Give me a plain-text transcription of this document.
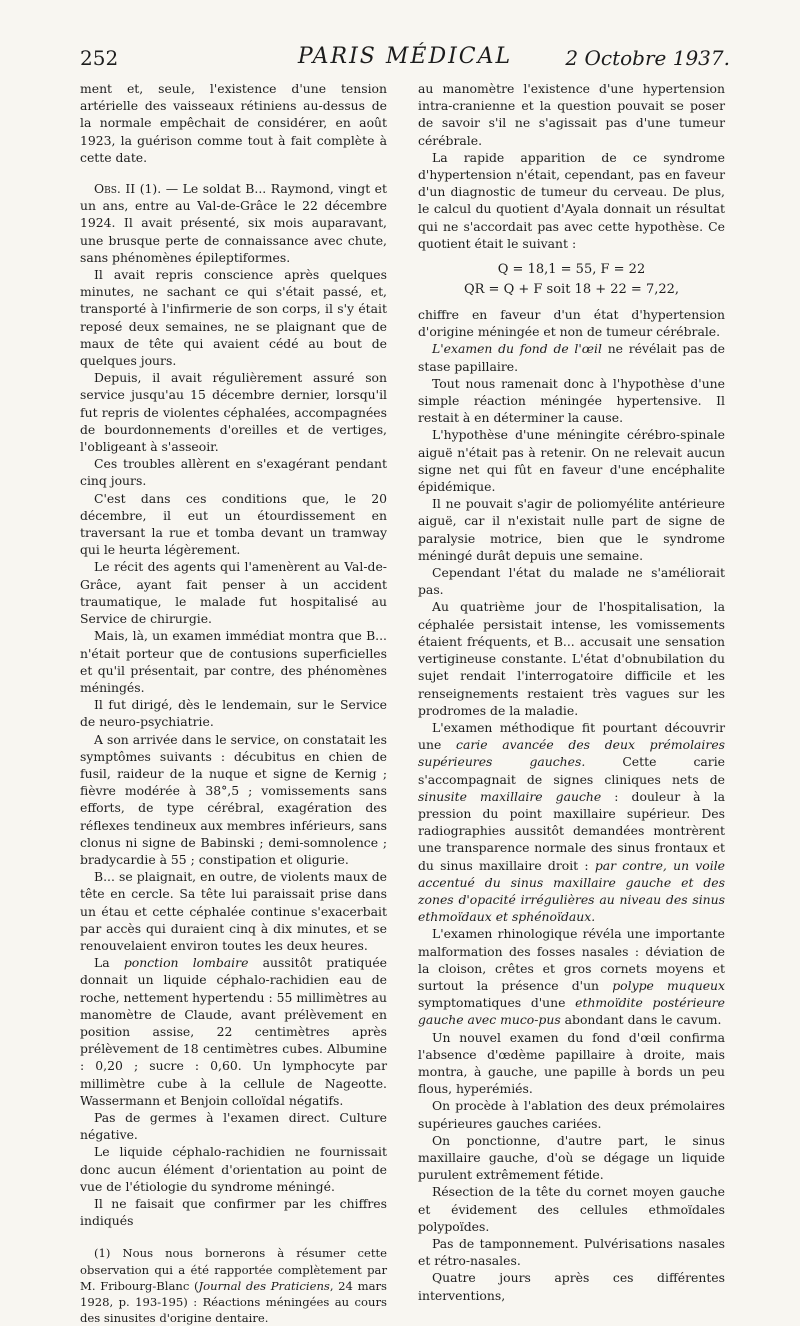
252	PARIS MÉDICAL	2 Octobre 1937.

ment et, seule, l'existence d'une tension artérielle des vaisseaux rétiniens au-dessus de la normale empêchait de considérer, en août 1923, la guérison comme tout à fait complète à cette date.

Obs. II (1). — Le soldat B... Raymond, vingt et un ans, entre au Val-de-Grâce le 22 décembre 1924. Il avait présenté, six mois auparavant, une brusque perte de connaissance avec chute, sans phénomènes épileptiformes.

Il avait repris conscience après quelques minutes, ne sachant ce qui s'était passé, et, transporté à l'infirmerie de son corps, il s'y était reposé deux semaines, ne se plaignant que de maux de tête qui avaient cédé au bout de quelques jours.

Depuis, il avait régulièrement assuré son service jusqu'au 15 décembre dernier, lorsqu'il fut repris de violentes céphalées, accompagnées de bourdonnements d'oreilles et de vertiges, l'obligeant à s'asseoir.

Ces troubles allèrent en s'exagérant pendant cinq jours.

C'est dans ces conditions que, le 20 décembre, il eut un étourdissement en traversant la rue et tomba devant un tramway qui le heurta légèrement.

Le récit des agents qui l'amenèrent au Val-de-Grâce, ayant fait penser à un accident traumatique, le malade fut hospitalisé au Service de chirurgie.

Mais, là, un examen immédiat montra que B... n'était porteur que de contusions superficielles et qu'il présentait, par contre, des phénomènes méningés.

Il fut dirigé, dès le lendemain, sur le Service de neuro-psychiatrie.

A son arrivée dans le service, on constatait les symptômes suivants : décubitus en chien de fusil, raideur de la nuque et signe de Kernig ; fièvre modérée à 38°,5 ; vomissements sans efforts, de type cérébral, exagération des réflexes tendineux aux membres inférieurs, sans clonus ni signe de Babinski ; demi-somnolence ; bradycardie à 55 ; constipation et oligurie.

B... se plaignait, en outre, de violents maux de tête en cercle. Sa tête lui paraissait prise dans un étau et cette céphalée continue s'exacerbait par accès qui duraient cinq à dix minutes, et se renouvelaient environ toutes les deux heures.

La ponction lombaire aussitôt pratiquée donnait un liquide céphalo-rachidien eau de roche, nettement hypertendu : 55 millimètres au manomètre de Claude, avant prélèvement en position assise, 22 centimètres après prélèvement de 18 centimètres cubes. Albumine : 0,20 ; sucre : 0,60. Un lymphocyte par millimètre cube à la cellule de Nageotte. Wassermann et Benjoin colloïdal négatifs.

Pas de germes à l'examen direct. Culture négative.

Le liquide céphalo-rachidien ne fournissait donc aucun élément d'orientation au point de vue de l'étiologie du syndrome méningé.

Il ne faisait que confirmer par les chiffres indiqués

(1) Nous nous bornerons à résumer cette observation qui a été rapportée complètement par M. Fribourg-Blanc (Journal des Praticiens, 24 mars 1928, p. 193-195) : Réactions méningées au cours des sinusites d'origine dentaire.

au manomètre l'existence d'une hypertension intra-cranienne et la question pouvait se poser de savoir s'il ne s'agissait pas d'une tumeur cérébrale.

La rapide apparition de ce syndrome d'hypertension n'était, cependant, pas en faveur d'un diagnostic de tumeur du cerveau. De plus, le calcul du quotient d'Ayala donnait un résultat qui ne s'accordait pas avec cette hypothèse. Ce quotient était le suivant :

Q = 18,1 = 55, F = 22
QR = Q + F soit 18 + 22 = 7,22,

chiffre en faveur d'un état d'hypertension d'origine méningée et non de tumeur cérébrale.

L'examen du fond de l'œil ne révélait pas de stase papillaire.

Tout nous ramenait donc à l'hypothèse d'une simple réaction méningée hypertensive. Il restait à en déterminer la cause.

L'hypothèse d'une méningite cérébro-spinale aiguë n'était pas à retenir. On ne relevait aucun signe net qui fût en faveur d'une encéphalite épidémique.

Il ne pouvait s'agir de poliomyélite antérieure aiguë, car il n'existait nulle part de signe de paralysie motrice, bien que le syndrome méningé durât depuis une semaine.

Cependant l'état du malade ne s'améliorait pas.

Au quatrième jour de l'hospitalisation, la céphalée persistait intense, les vomissements étaient fréquents, et B... accusait une sensation vertigineuse constante. L'état d'obnubilation du sujet rendait l'interrogatoire difficile et les renseignements restaient très vagues sur les prodromes de la maladie.

L'examen méthodique fit pourtant découvrir une carie avancée des deux prémolaires supérieures gauches. Cette carie s'accompagnait de signes cliniques nets de sinusite maxillaire gauche : douleur à la pression du point maxillaire supérieur. Des radiographies aussitôt demandées montrèrent une transparence normale des sinus frontaux et du sinus maxillaire droit : par contre, un voile accentué du sinus maxillaire gauche et des zones d'opacité irrégulières au niveau des sinus ethmoïdaux et sphénoïdaux.

L'examen rhinologique révéla une importante malformation des fosses nasales : déviation de la cloison, crêtes et gros cornets moyens et surtout la présence d'un polype muqueux symptomatiques d'une ethmoïdite postérieure gauche avec muco-pus abondant dans le cavum.

Un nouvel examen du fond d'œil confirma l'absence d'œdème papillaire à droite, mais montra, à gauche, une papille à bords un peu flous, hyperémiés.

On procède à l'ablation des deux prémolaires supérieures gauches cariées.

On ponctionne, d'autre part, le sinus maxillaire gauche, d'où se dégage un liquide purulent extrêmement fétide.

Résection de la tête du cornet moyen gauche et évidement des cellules ethmoïdales polypoïdes.

Pas de tamponnement. Pulvérisations nasales et rétro-nasales.

Quatre jours après ces différentes interventions,
